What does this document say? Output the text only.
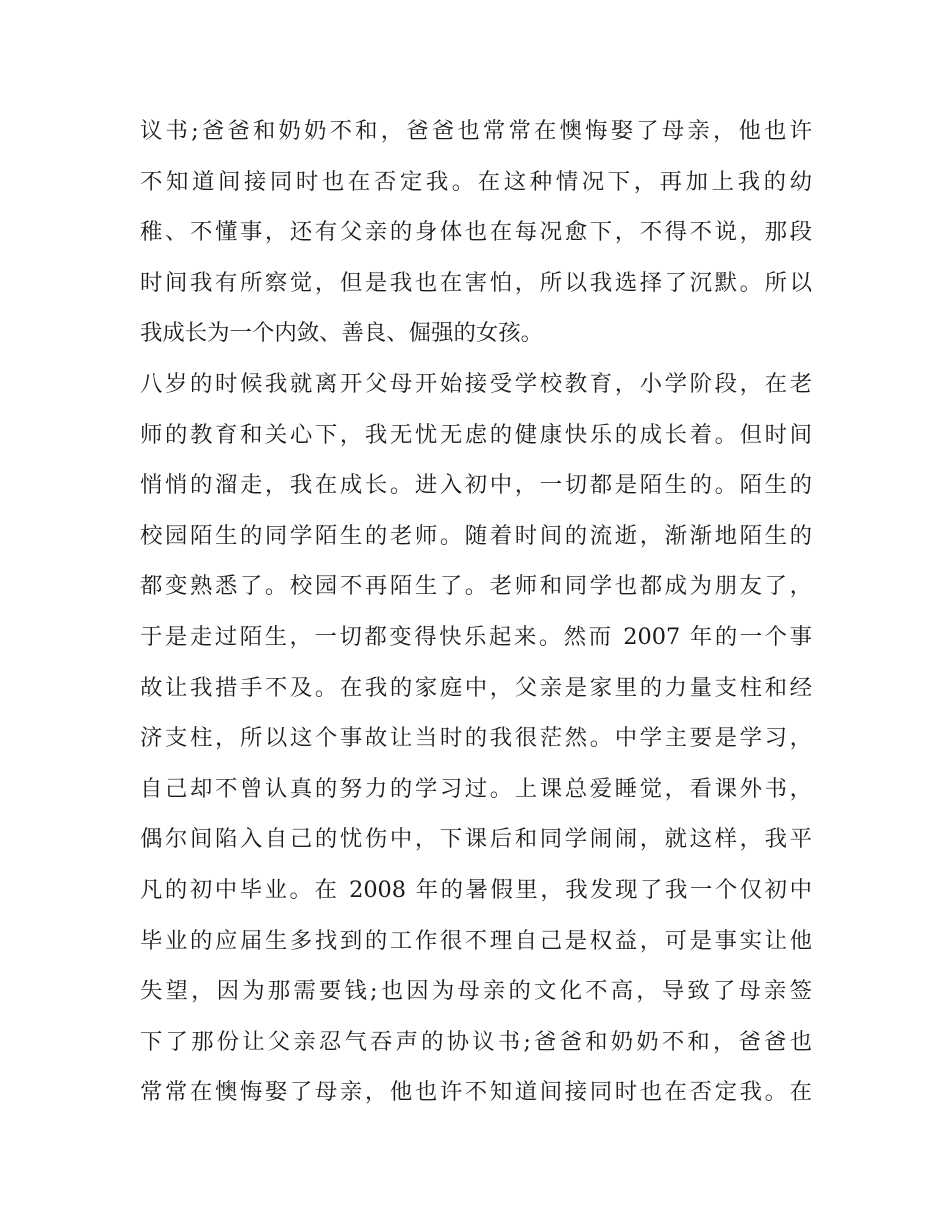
议书;爸爸和奶奶不和，爸爸也常常在懊悔娶了母亲，他也许
不知道间接同时也在否定我。在这种情况下，再加上我的幼
稚、不懂事，还有父亲的身体也在每况愈下，不得不说，那段
时间我有所察觉，但是我也在害怕，所以我选择了沉默。所以
我成长为一个内敛、善良、倔强的女孩。
八岁的时候我就离开父母开始接受学校教育，小学阶段，在老
师的教育和关心下，我无忧无虑的健康快乐的成长着。但时间
悄悄的溜走，我在成长。进入初中，一切都是陌生的。陌生的
校园陌生的同学陌生的老师。随着时间的流逝，渐渐地陌生的
都变熟悉了。校园不再陌生了。老师和同学也都成为朋友了，
于是走过陌生，一切都变得快乐起来。然而 2007 年的一个事
故让我措手不及。在我的家庭中，父亲是家里的力量支柱和经
济支柱，所以这个事故让当时的我很茫然。中学主要是学习，
自己却不曾认真的努力的学习过。上课总爱睡觉，看课外书，
偶尔间陷入自己的忧伤中，下课后和同学闹闹，就这样，我平
凡的初中毕业。在 2008 年的暑假里，我发现了我一个仅初中
毕业的应届生多找到的工作很不理自己是权益，可是事实让他
失望，因为那需要钱;也因为母亲的文化不高，导致了母亲签
下了那份让父亲忍气吞声的协议书;爸爸和奶奶不和，爸爸也
常常在懊悔娶了母亲，他也许不知道间接同时也在否定我。在
